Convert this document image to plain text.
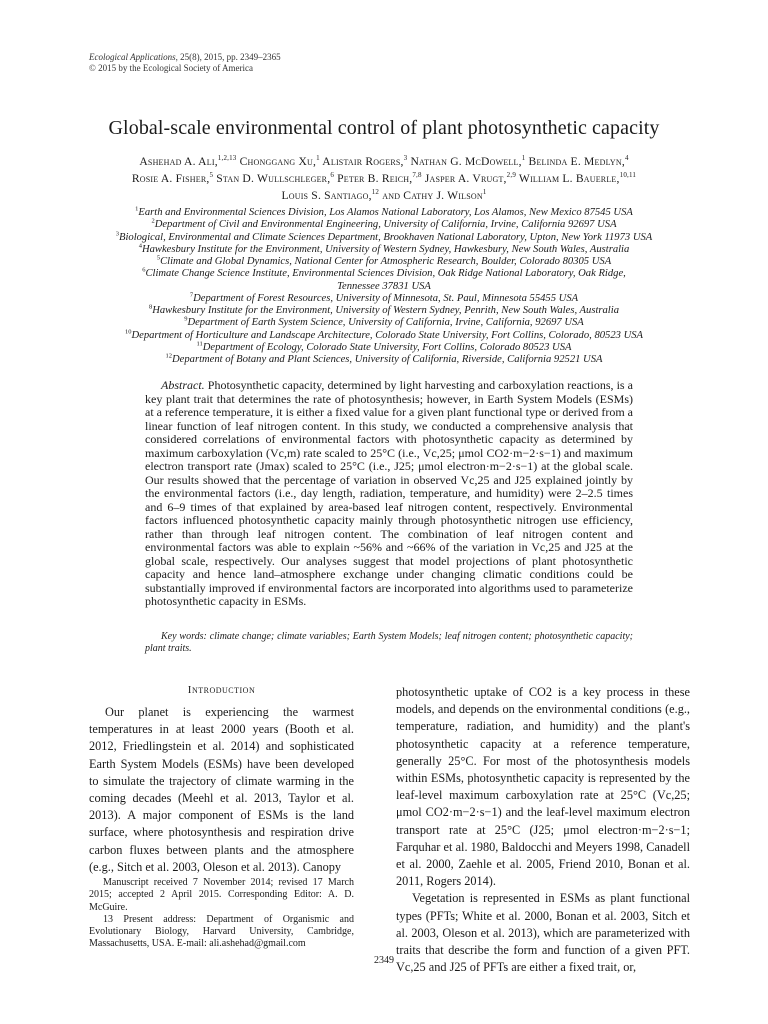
Ecological Applications, 25(8), 2015, pp. 2349–2365
© 2015 by the Ecological Society of America
Global-scale environmental control of plant photosynthetic capacity
Ashehad A. Ali,$^{1,2,13}$ Chonggang Xu,$^1$ Alistair Rogers,$^3$ Nathan G. McDowell,$^1$ Belinda E. Medlyn,$^4$
Rosie A. Fisher,$^5$ Stan D. Wullschleger,$^6$ Peter B. Reich,$^{7,8}$ Jasper A. Vrugt,$^{2,9}$ William L. Bauerle,$^{10,11}$
Louis S. Santiago,$^{12}$ and Cathy J. Wilson$^1$
$^1$Earth and Environmental Sciences Division, Los Alamos National Laboratory, Los Alamos, New Mexico 87545 USA
$^2$Department of Civil and Environmental Engineering, University of California, Irvine, California 92697 USA
$^3$Biological, Environmental and Climate Sciences Department, Brookhaven National Laboratory, Upton, New York 11973 USA
$^4$Hawkesbury Institute for the Environment, University of Western Sydney, Hawkesbury, New South Wales, Australia
$^5$Climate and Global Dynamics, National Center for Atmospheric Research, Boulder, Colorado 80305 USA
$^6$Climate Change Science Institute, Environmental Sciences Division, Oak Ridge National Laboratory, Oak Ridge, Tennessee 37831 USA
$^7$Department of Forest Resources, University of Minnesota, St. Paul, Minnesota 55455 USA
$^8$Hawkesbury Institute for the Environment, University of Western Sydney, Penrith, New South Wales, Australia
$^9$Department of Earth System Science, University of California, Irvine, California, 92697 USA
$^{10}$Department of Horticulture and Landscape Architecture, Colorado State University, Fort Collins, Colorado, 80523 USA
$^{11}$Department of Ecology, Colorado State University, Fort Collins, Colorado 80523 USA
$^{12}$Department of Botany and Plant Sciences, University of California, Riverside, California 92521 USA
Abstract. Photosynthetic capacity, determined by light harvesting and carboxylation reactions, is a key plant trait that determines the rate of photosynthesis; however, in Earth System Models (ESMs) at a reference temperature, it is either a fixed value for a given plant functional type or derived from a linear function of leaf nitrogen content. In this study, we conducted a comprehensive analysis that considered correlations of environmental factors with photosynthetic capacity as determined by maximum carboxylation (Vc,m) rate scaled to 25°C (i.e., Vc,25; μmol CO2·m−2·s−1) and maximum electron transport rate (Jmax) scaled to 25°C (i.e., J25; μmol electron·m−2·s−1) at the global scale. Our results showed that the percentage of variation in observed Vc,25 and J25 explained jointly by the environmental factors (i.e., day length, radiation, temperature, and humidity) were 2–2.5 times and 6–9 times of that explained by area-based leaf nitrogen content, respectively. Environmental factors influenced photosynthetic capacity mainly through photosynthetic nitrogen use efficiency, rather than through leaf nitrogen content. The combination of leaf nitrogen content and environmental factors was able to explain ~56% and ~66% of the variation in Vc,25 and J25 at the global scale, respectively. Our analyses suggest that model projections of plant photosynthetic capacity and hence land–atmosphere exchange under changing climatic conditions could be substantially improved if environmental factors are incorporated into algorithms used to parameterize photosynthetic capacity in ESMs.
Key words: climate change; climate variables; Earth System Models; leaf nitrogen content; photosynthetic capacity; plant traits.
Introduction

Our planet is experiencing the warmest temperatures in at least 2000 years (Booth et al. 2012, Friedlingstein et al. 2014) and sophisticated Earth System Models (ESMs) have been developed to simulate the trajectory of climate warming in the coming decades (Meehl et al. 2013, Taylor et al. 2013). A major component of ESMs is the land surface, where photosynthesis and respiration drive carbon fluxes between plants and the atmosphere (e.g., Sitch et al. 2003, Oleson et al. 2013). Canopy

photosynthetic uptake of CO2 is a key process in these models, and depends on the environmental conditions (e.g., temperature, radiation, and humidity) and the plant's photosynthetic capacity at a reference temperature, generally 25°C. For most of the photosynthesis models within ESMs, photosynthetic capacity is represented by the leaf-level maximum carboxylation rate at 25°C (Vc,25; μmol CO2·m−2·s−1) and the leaf-level maximum electron transport rate at 25°C (J25; μmol electron·m−2·s−1; Farquhar et al. 1980, Baldocchi and Meyers 1998, Canadell et al. 2000, Zaehle et al. 2005, Friend 2010, Bonan et al. 2011, Rogers 2014).

Vegetation is represented in ESMs as plant functional types (PFTs; White et al. 2000, Bonan et al. 2003, Sitch et al. 2003, Oleson et al. 2013), which are parameterized with traits that describe the form and function of a given PFT. Vc,25 and J25 of PFTs are either a fixed trait, or,

Manuscript received 7 November 2014; revised 17 March 2015; accepted 2 April 2015. Corresponding Editor: A. D. McGuire.

13 Present address: Department of Organismic and Evolutionary Biology, Harvard University, Cambridge, Massachusetts, USA. E-mail: ali.ashehad@gmail.com

2349
